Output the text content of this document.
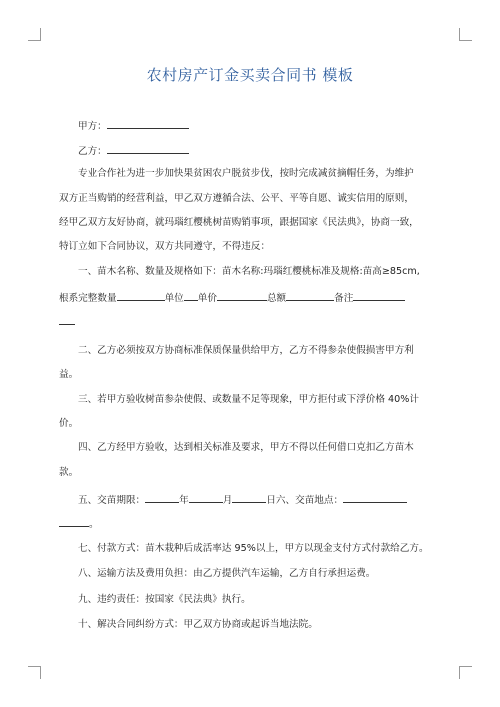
农村房产订金买卖合同书 模板
甲方：
乙方：
专业合作社为进一步加快果贫困农户脱贫步伐，按时完成减贫摘帽任务，为维护
双方正当购销的经营利益，甲乙双方遵循合法、公平、平等自愿、诚实信用的原则，
经甲乙双方友好协商，就玛瑙红樱桃树苗购销事项，跟据国家《民法典》，协商一致，
特订立如下合同协议，双方共同遵守，不得违反：
一、苗木名称、数量及规格如下：苗木名称:玛瑙红樱桃标准及规格:苗高≥85cm,
根系完整数量	单位 单价	总额	备注
二、乙方必须按双方协商标准保质保量供给甲方，乙方不得参杂使假损害甲方利
益。
三、若甲方验收树苗参杂使假、或数量不足等现象，甲方拒付或下浮价格 40%计
价。
四、乙方经甲方验收，达到相关标准及要求，甲方不得以任何借口克扣乙方苗木
款。
五、交苗期限：	年	月	日六、交苗地点：
。
七、付款方式：苗木栽种后成活率达 95%以上，甲方以现金支付方式付款给乙方。
八、运输方法及费用负担：由乙方提供汽车运输，乙方自行承担运费。
九、违约责任：按国家《民法典》执行。
十、解决合同纠纷方式：甲乙双方协商或起诉当地法院。
